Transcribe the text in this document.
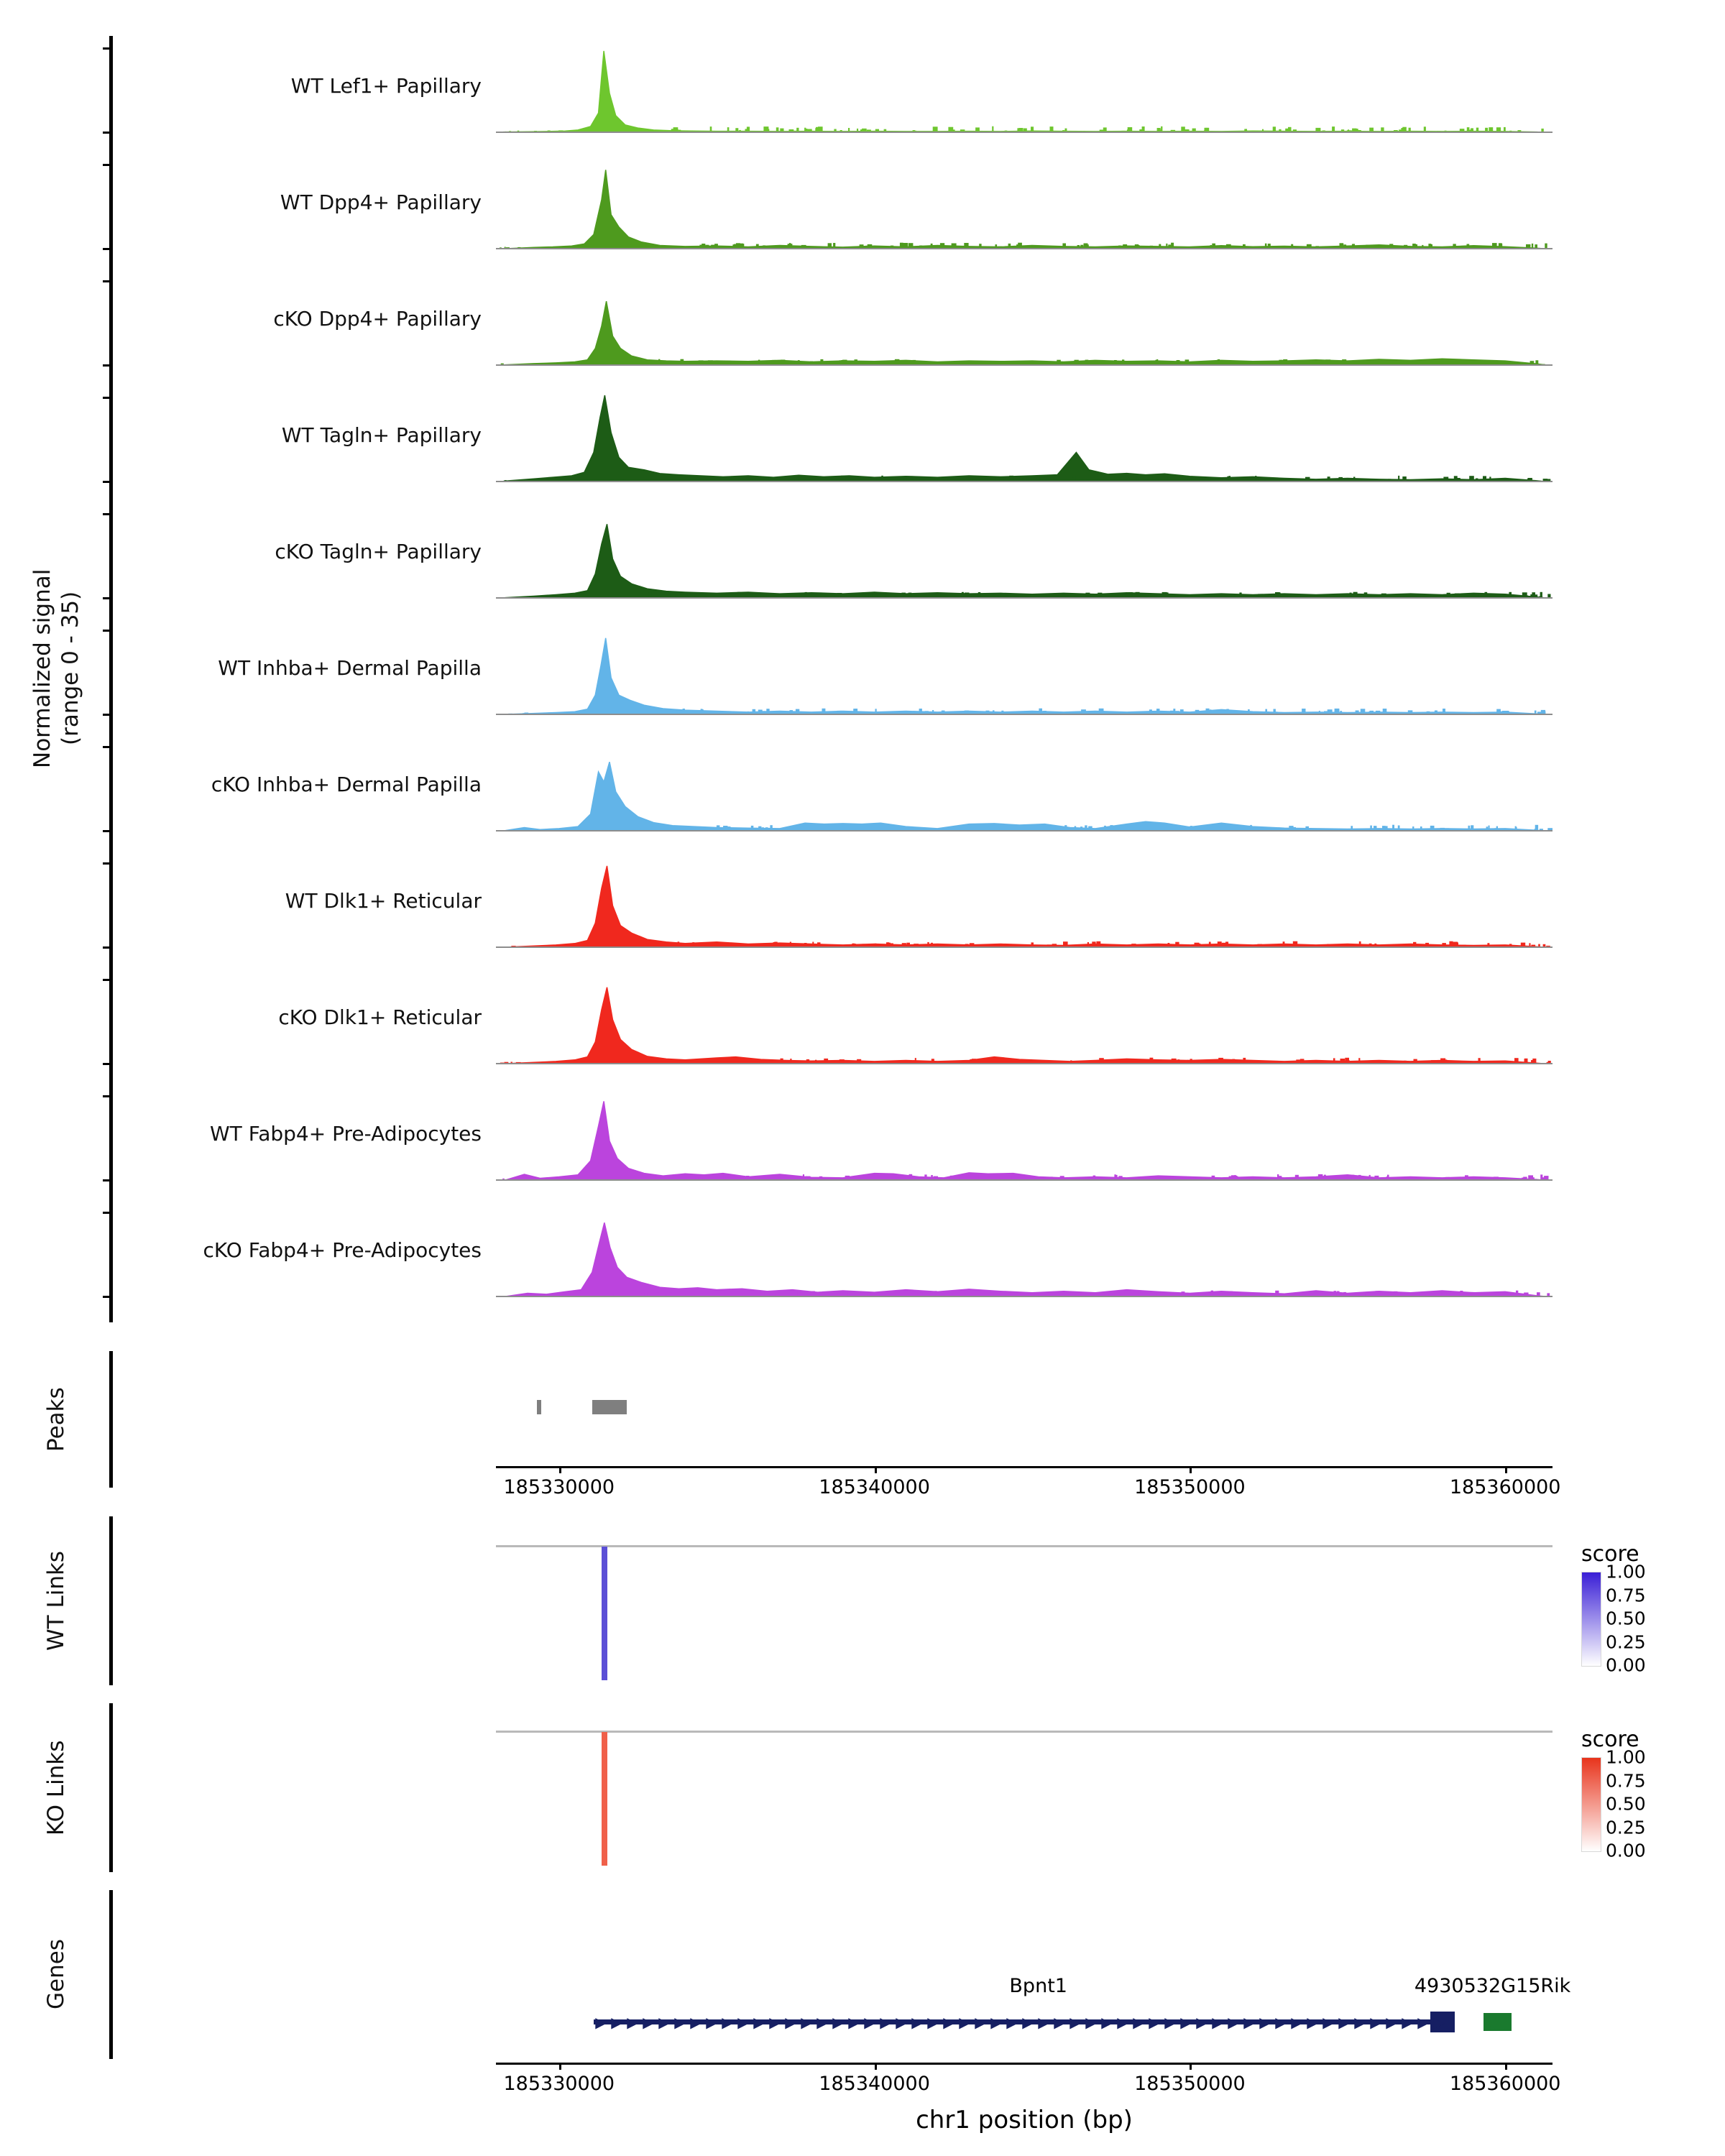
Normalized signal
(range 0 - 35)
WT Lef1+ Papillary
WT Dpp4+ Papillary
cKO Dpp4+ Papillary
WT Tagln+ Papillary
cKO Tagln+ Papillary
WT Inhba+ Dermal Papilla
cKO Inhba+ Dermal Papilla
WT Dlk1+ Reticular
cKO Dlk1+ Reticular
WT Fabp4+ Pre-Adipocytes
cKO Fabp4+ Pre-Adipocytes
Peaks
185330000	185340000	185350000	185360000
WT Links	score
1.00
0.75
0.50
0.25
0.00
KO Links
score
1.00
0.75
0.50
0.25
0.00
Genes	Bpnt1
▶ ▶ ▶ ▶ ▶ ▶ ▶ ▶ ▶ ▶ ▶ ▶ ▶ ▶ ▶ ▶ ▶ ▶ ▶ ▶ ▶ ▶ ▶ ▶ ▶ ▶ ▶ ▶ ▶ ▶ ▶ ▶ ▶ ▶ ▶ ▶ ▶ ▶ ▶ ▶ ▶ ▶ ▶ ▶ ▶ ▶ ▶ ▶ ▶ ▶ ▶ ▶ ▶ ▶
4930532G15Rik
◀
185330000	185340000	185350000	185360000
chr1 position (bp)
